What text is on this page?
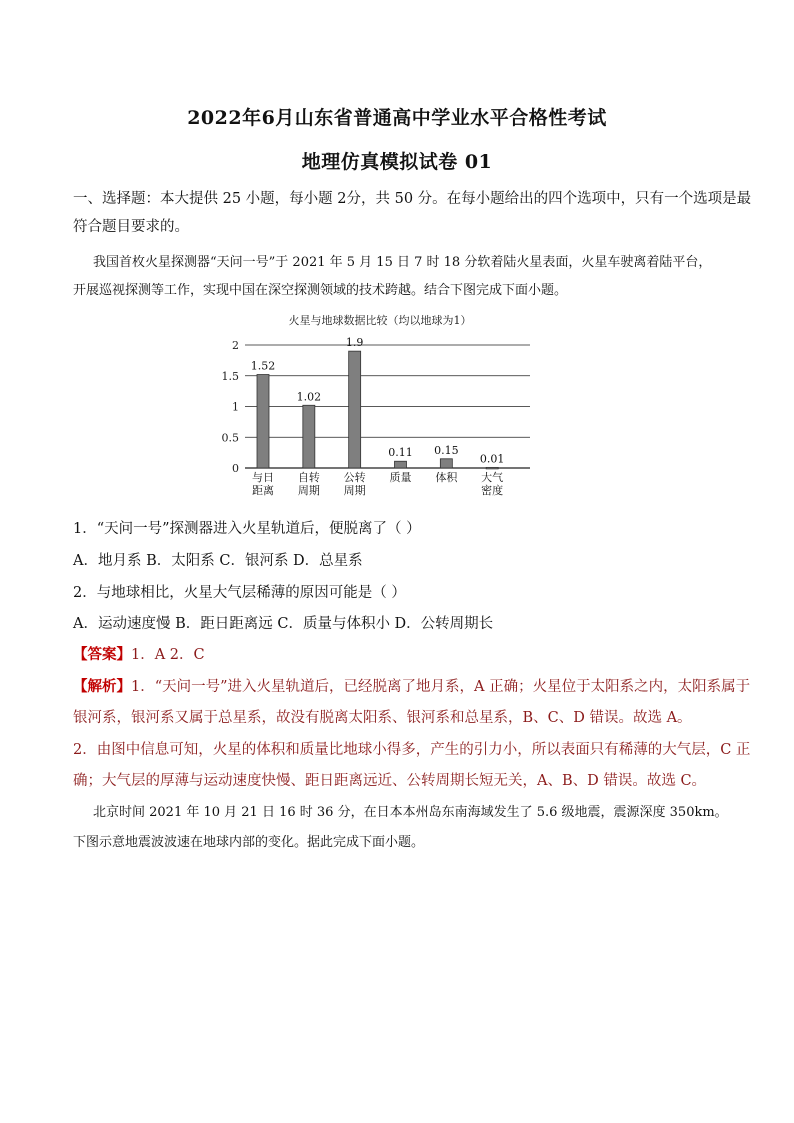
2022年6月山东省普通高中学业水平合格性考试
地理仿真模拟试卷 01
一、选择题：本大提供 25 小题，每小题 2分，共 50 分。在每小题给出的四个选项中，只有一个选项是最
符合题目要求的。
我国首枚火星探测器“天问一号”于 2021 年 5 月 15 日 7 时 18 分软着陆火星表面，火星车驶离着陆平台，
开展巡视探测等工作，实现中国在深空探测领域的技术跨越。结合下图完成下面小题。
火星与地球数据比较（均以地球为1）
0
0.5
1
1.5
2
1.52
与日
距离
1.02
自转
周期
1.9
公转
周期
0.11
质量
0.15
体积
0.01
大气
密度
1．“天问一号”探测器进入火星轨道后，便脱离了（ ）
A．地月系 B．太阳系 C．银河系 D．总星系
2．与地球相比，火星大气层稀薄的原因可能是（ ）
A．运动速度慢 B．距日距离远 C．质量与体积小 D．公转周期长
【答案】1．A 2．C
【解析】1．“天问一号”进入火星轨道后，已经脱离了地月系，A 正确；火星位于太阳系之内，太阳系属于
银河系，银河系又属于总星系，故没有脱离太阳系、银河系和总星系，B、C、D 错误。故选 A。
2．由图中信息可知，火星的体积和质量比地球小得多，产生的引力小，所以表面只有稀薄的大气层，C 正
确；大气层的厚薄与运动速度快慢、距日距离远近、公转周期长短无关，A、B、D 错误。故选 C。
北京时间 2021 年 10 月 21 日 16 时 36 分，在日本本州岛东南海域发生了 5.6 级地震，震源深度 350km。
下图示意地震波波速在地球内部的变化。据此完成下面小题。
